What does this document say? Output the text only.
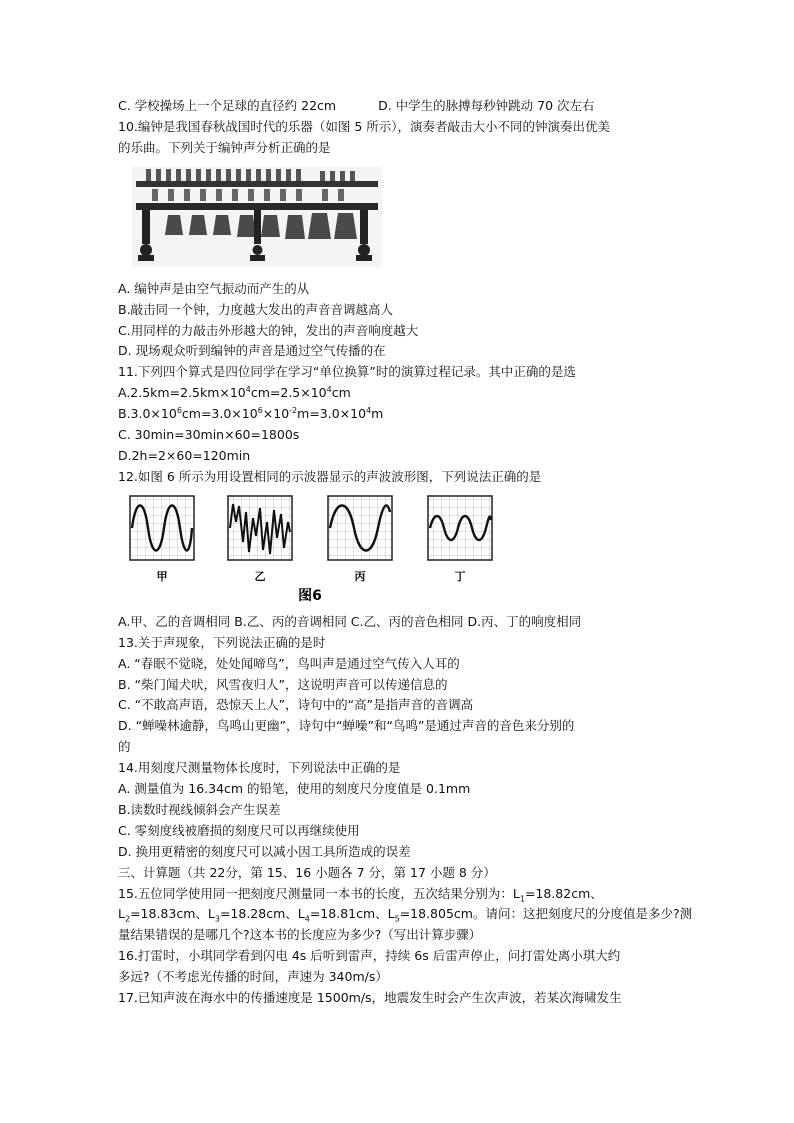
C. 学校操场上一个足球的直径约 22cm	D. 中学生的脉搏每秒钟跳动 70 次左右
10.编钟是我国春秋战国时代的乐器（如图 5 所示），演奏者敲击大小不同的钟演奏出优美
的乐曲。下列关于编钟声分析正确的是
A. 编钟声是由空气振动而产生的从
B.敲击同一个钟，力度越大发出的声音音调越高人
C.用同样的力敲击外形越大的钟，发出的声音响度越大
D. 现场观众听到编钟的声音是通过空气传播的在
11.下列四个算式是四位同学在学习“单位换算”时的演算过程记录。其中正确的是选
$A.2.5km=2.5km\times 10^4cm=2.5\times 10^4cm$
$B.3.0\times 10^6cm=3.0\times 10^6\times 10^{-2}m=3.0\times 10^4m$
C. 30min=30min×60=1800s
D.2h=2×60=120min
12.如图 6 所示为用设置相同的示波器显示的声波波形图，下列说法正确的是
甲	乙	丙	丁
图6
A.甲、乙的音调相同 B.乙、丙的音调相同 C.乙、丙的音色相同 D.丙、丁的响度相同
13.关于声现象，下列说法正确的是时
A. “春眠不觉晓，处处闻啼鸟”，鸟叫声是通过空气传入人耳的
B. “柴门闻犬吠，风雪夜归人”，这说明声音可以传递信息的
C. “不敢高声语，恐惊天上人”，诗句中的“高”是指声音的音调高
D. “蝉噪林逾静，鸟鸣山更幽”，诗句中“蝉噪”和“鸟鸣”是通过声音的音色来分别的
的
14.用刻度尺测量物体长度时，下列说法中正确的是
A. 测量值为 16.34cm 的铅笔，使用的刻度尺分度值是 0.1mm
B.读数时视线倾斜会产生误差
C. 零刻度线被磨损的刻度尺可以再继续使用
D. 换用更精密的刻度尺可以减小因工具所造成的误差
三、计算题（共 22分，第 15、16 小题各 7 分，第 17 小题 8 分）
15.五位同学使用同一把刻度尺测量同一本书的长度，五次结果分别为：$L_1=18.82cm$、
$L_2=18.83cm$、$L_3=18.28cm$、$L_4=18.81cm$、$L_5=18.805cm$。请问：这把刻度尺的分度值是多少?测
量结果错误的是哪几个?这本书的长度应为多少?（写出计算步骤）
16.打雷时，小琪同学看到闪电 4s 后听到雷声，持续 6s 后雷声停止，问打雷处离小琪大约
多远?（不考虑光传播的时间，声速为 340m/s）
17.已知声波在海水中的传播速度是 1500m/s，地震发生时会产生次声波，若某次海啸发生
